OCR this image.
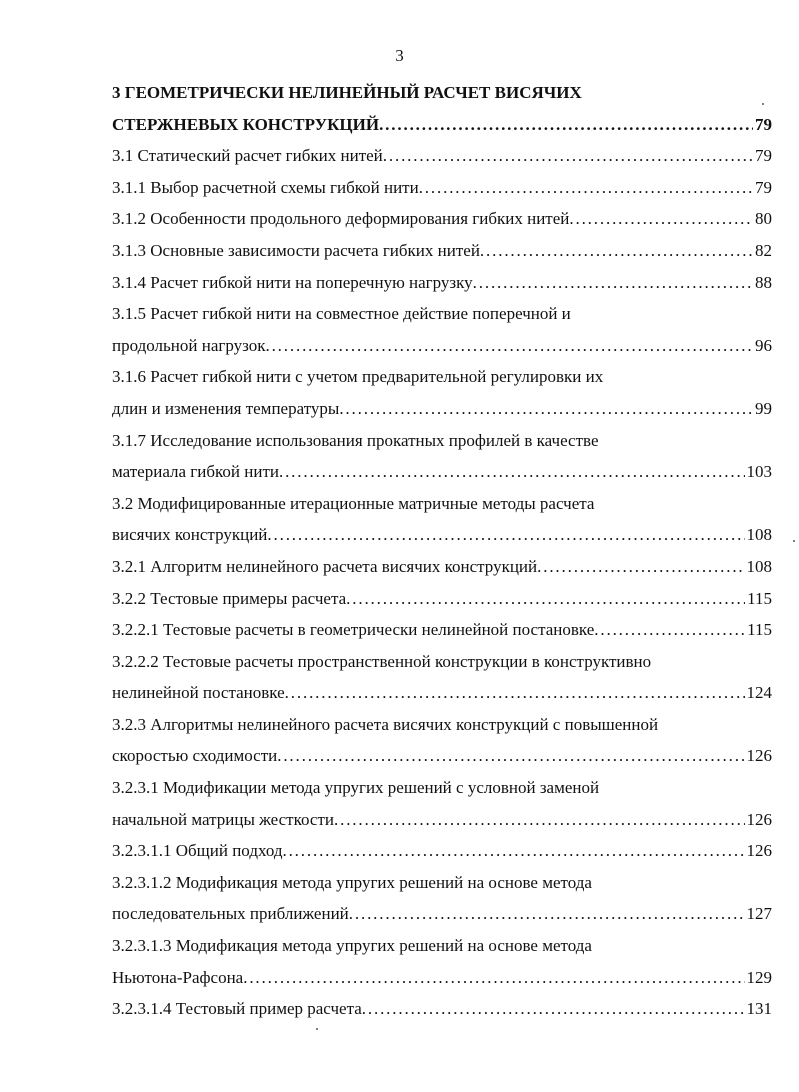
3
3 ГЕОМЕТРИЧЕСКИ НЕЛИНЕЙНЫЙ РАСЧЕТ ВИСЯЧИХ
СТЕРЖНЕВЫХ КОНСТРУКЦИЙ . . .	79
3.1 Статический расчет гибких нитей . . .	79
3.1.1 Выбор расчетной схемы гибкой нити . . .	79
3.1.2 Особенности продольного деформирования гибких нитей . . .	80
3.1.3 Основные зависимости расчета гибких нитей . . .	82
3.1.4 Расчет гибкой нити на поперечную нагрузку . . .	88
3.1.5 Расчет гибкой нити на совместное действие поперечной и
продольной нагрузок . . .	96
3.1.6 Расчет гибкой нити с учетом предварительной регулировки их
длин и изменения температуры . . .	99
3.1.7 Исследование использования прокатных профилей в качестве
материала гибкой нити . . .	103
3.2 Модифицированные итерационные матричные методы расчета
висячих конструкций . . .	108
3.2.1 Алгоритм нелинейного расчета висячих конструкций . . .	108
3.2.2 Тестовые примеры расчета . . .	115
3.2.2.1 Тестовые расчеты в геометрически нелинейной постановке . . .	115
3.2.2.2 Тестовые расчеты пространственной конструкции в конструктивно
нелинейной постановке . . .	124
3.2.3 Алгоритмы нелинейного расчета висячих конструкций с повышенной
скоростью сходимости . . .	126
3.2.3.1 Модификации метода упругих решений с условной заменой
начальной матрицы жесткости . . .	126
3.2.3.1.1 Общий подход . . .	126
3.2.3.1.2 Модификация метода упругих решений на основе метода
последовательных приближений . . .	127
3.2.3.1.3 Модификация метода упругих решений на основе метода
Ньютона-Рафсона . . .	129
3.2.3.1.4 Тестовый пример расчета . . .	131
